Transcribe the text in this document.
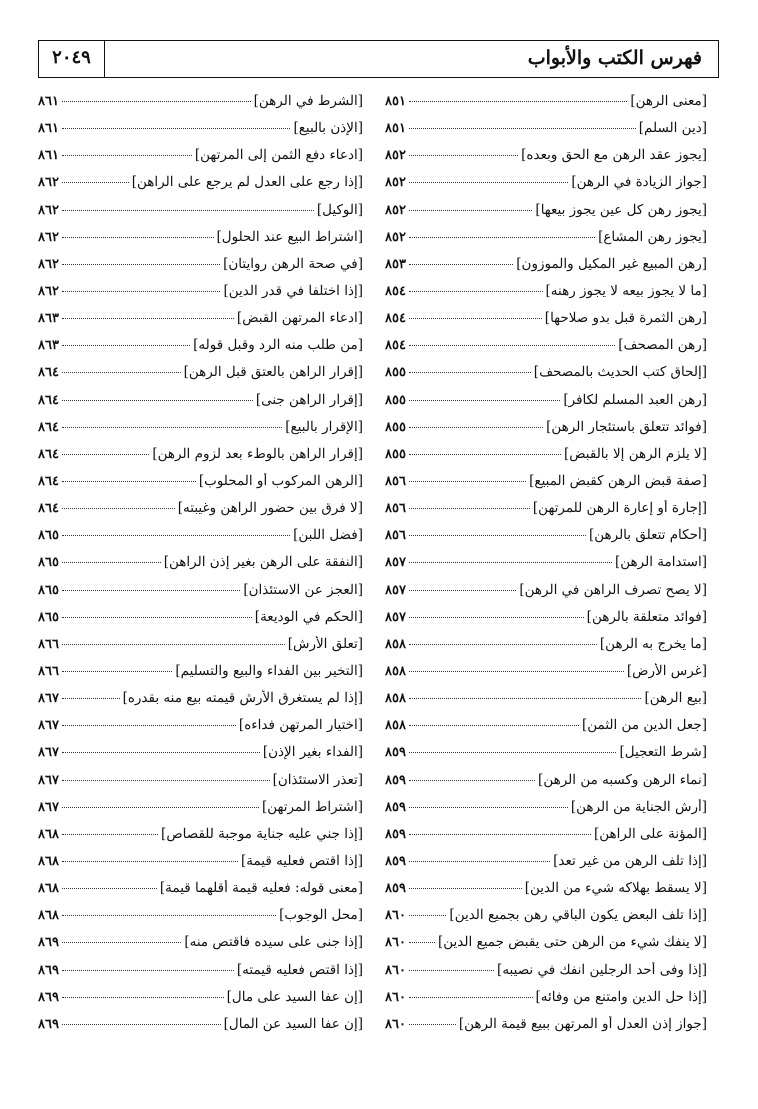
فهرس الكتب والأبواب
٢٠٤٩
[معنى الرهن]
٨٥١
[دين السلم]
٨٥١
[يجوز عقد الرهن مع الحق وبعده]
٨٥٢
[جواز الزيادة في الرهن]
٨٥٢
[يجوز رهن كل عين يجوز بيعها]
٨٥٢
[يجوز رهن المشاع]
٨٥٢
[رهن المبيع غير المكيل والموزون]
٨٥٣
[ما لا يجوز بيعه لا يجوز رهنه]
٨٥٤
[رهن الثمرة قبل بدو صلاحها]
٨٥٤
[رهن المصحف]
٨٥٤
[إلحاق كتب الحديث بالمصحف]
٨٥٥
[رهن العبد المسلم لكافر]
٨٥٥
[فوائد تتعلق باستئجار الرهن]
٨٥٥
[لا يلزم الرهن إلا بالقبض]
٨٥٥
[صفة قبض الرهن كقبض المبيع]
٨٥٦
[إجارة أو إعارة الرهن للمرتهن]
٨٥٦
[أحكام تتعلق بالرهن]
٨٥٦
[استدامة الرهن]
٨٥٧
[لا يصح تصرف الراهن في الرهن]
٨٥٧
[فوائد متعلقة بالرهن]
٨٥٧
[ما يخرج به الرهن]
٨٥٨
[غرس الأرض]
٨٥٨
[بيع الرهن]
٨٥٨
[جعل الدين من الثمن]
٨٥٨
[شرط التعجيل]
٨٥٩
[نماء الرهن وكسبه من الرهن]
٨٥٩
[أرش الجناية من الرهن]
٨٥٩
[المؤنة على الراهن]
٨٥٩
[إذا تلف الرهن من غير تعد]
٨٥٩
[لا يسقط بهلاكه شيء من الدين]
٨٥٩
[إذا تلف البعض يكون الباقي رهن بجميع الدين]
٨٦٠
[لا ينفك شيء من الرهن حتى يقبض جميع الدين]
٨٦٠
[إذا وفى أحد الرجلين انفك في نصيبه]
٨٦٠
[إذا حل الدين وامتنع من وفائه]
٨٦٠
[جواز إذن العدل أو المرتهن ببيع قيمة الرهن]
٨٦٠
[الشرط في الرهن]
٨٦١
[الإذن بالبيع]
٨٦١
[ادعاء دفع الثمن إلى المرتهن]
٨٦١
[إذا رجع على العدل لم يرجع على الراهن]
٨٦٢
[الوكيل]
٨٦٢
[اشتراط البيع عند الحلول]
٨٦٢
[في صحة الرهن روايتان]
٨٦٢
[إذا اختلفا في قدر الدين]
٨٦٢
[ادعاء المرتهن القبض]
٨٦٣
[من طلب منه الرد وقبل قوله]
٨٦٣
[إقرار الراهن بالعتق قبل الرهن]
٨٦٤
[إقرار الراهن جنى]
٨٦٤
[الإقرار بالبيع]
٨٦٤
[إقرار الراهن بالوطء بعد لزوم الرهن]
٨٦٤
[الرهن المركوب أو المحلوب]
٨٦٤
[لا فرق بين حضور الراهن وغيبته]
٨٦٤
[فضل اللبن]
٨٦٥
[النفقة على الرهن بغير إذن الراهن]
٨٦٥
[العجز عن الاستئذان]
٨٦٥
[الحكم في الوديعة]
٨٦٥
[تعلق الأرش]
٨٦٦
[التخير بين الفداء والبيع والتسليم]
٨٦٦
[إذا لم يستغرق الأرش قيمته بيع منه بقدره]
٨٦٧
[اختيار المرتهن فداءه]
٨٦٧
[الفداء بغير الإذن]
٨٦٧
[تعذر الاستئذان]
٨٦٧
[اشتراط المرتهن]
٨٦٧
[إذا جني عليه جناية موجبة للقصاص]
٨٦٨
[إذا اقتص فعليه قيمة]
٨٦٨
[معنى قوله: فعليه قيمة أقلهما قيمة]
٨٦٨
[محل الوجوب]
٨٦٨
[إذا جنى على سيده فاقتص منه]
٨٦٩
[إذا اقتص فعليه قيمته]
٨٦٩
[إن عفا السيد على مال]
٨٦٩
[إن عفا السيد عن المال]
٨٦٩
